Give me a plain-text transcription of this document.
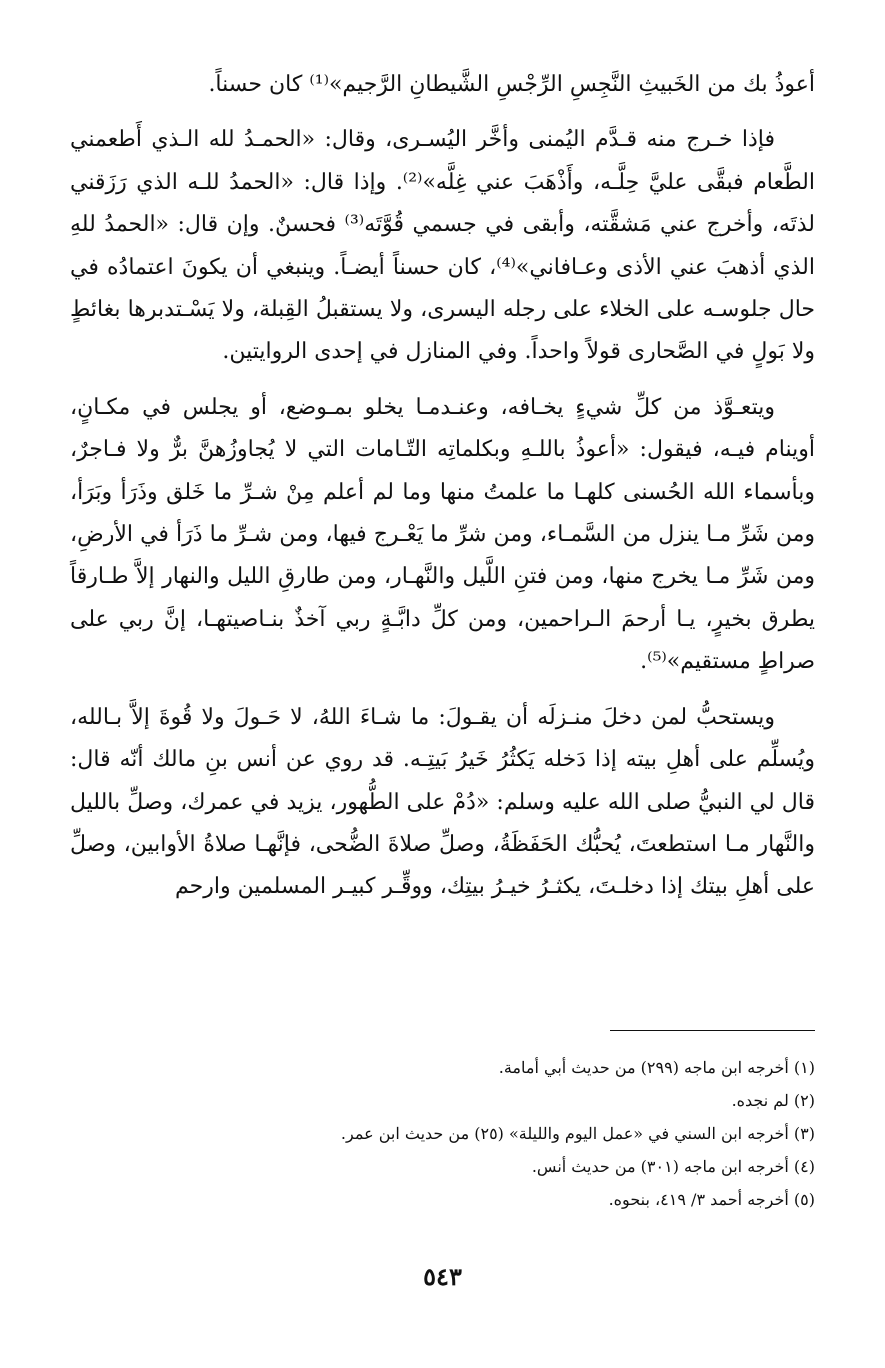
أعوذُ بك من الخَبيثِ النَّجِسِ الرِّجْسِ الشَّيطانِ الرَّجيم»⁽¹⁾ كان حسناً.

فإذا خـرج منه قـدَّم اليُمنى وأخَّر اليُسـرى، وقال: «الحمـدُ لله الـذي أَطعمني الطَّعام فبقَّى عليَّ حِلَّـه، وأَذْهَبَ عني غِلَّه»⁽²⁾. وإذا قال: «الحمدُ للـه الذي رَزَقني لذتَه، وأخرج عني مَشقَّته، وأبقى في جسمي قُوَّتَه⁽³⁾ فحسنٌ. وإن قال: «الحمدُ للهِ الذي أذهبَ عني الأذى وعـافاني»⁽⁴⁾، كان حسناً أيضـاً. وينبغي أن يكونَ اعتمادُه في حال جلوسـه على الخلاء على رجله اليسرى، ولا يستقبلُ القِبلة، ولا يَسْـتدبرها بغائطٍ ولا بَولٍ في الصَّحارى قولاً واحداً. وفي المنازل في إحدى الروايتين.

ويتعـوَّذ من كلِّ شيءٍ يخـافه، وعنـدمـا يخلو بمـوضع، أو يجلس في مكـانٍ، أوينام فيـه، فيقول: «أعوذُ باللـهِ وبكلماتِه التّـامات التي لا يُجاوزُهنَّ برٌّ ولا فـاجرٌ، وبأسماء الله الحُسنى كلهـا ما علمتُ منها وما لم أعلم مِنْ شـرِّ ما خَلق وذَرَأ وبَرَأ، ومن شَرِّ مـا ينزل من السَّمـاء، ومن شرِّ ما يَعْـرج فيها، ومن شـرِّ ما ذَرَأ في الأرضِ، ومن شَرِّ مـا يخرج منها، ومن فتنِ اللَّيل والنَّهـار، ومن طارقِ الليل والنهار إلاَّ طـارقاً يطرق بخيرٍ، يـا أرحمَ الـراحمين، ومن كلِّ دابَّـةٍ ربي آخذٌ بنـاصيتهـا، إنَّ ربي على صراطٍ مستقيم»⁽⁵⁾.

ويستحبُّ لمن دخلَ منـزلَه أن يقـولَ: ما شـاءَ اللهُ، لا حَـولَ ولا قُوةَ إلاَّ بـالله، ويُسلِّم على أهلِ بيته إذا دَخله يَكثُرُ خَيرُ بَيتِـه. قد روي عن أنس بنِ مالك أنّه قال: قال لي النبيُّ صلى الله عليه وسلم: «دُمْ على الطُّهور، يزيد في عمرك، وصلِّ بالليل والنَّهار مـا استطعتَ، يُحبُّك الحَفَظَةُ، وصلِّ صلاةَ الضُّحى، فإنَّهـا صلاةُ الأوابين، وصلِّ على أهلِ بيتك إذا دخلـتَ، يكثـرُ خيـرُ بيتِك، ووقِّـر كبيـر المسلمين وارحم

(١) أخرجه ابن ماجه (٢٩٩) من حديث أبي أمامة.

(٢) لم نجده.

(٣) أخرجه ابن السني في «عمل اليوم والليلة» (٢٥) من حديث ابن عمر.

(٤) أخرجه ابن ماجه (٣٠١) من حديث أنس.

(٥) أخرجه أحمد ٣/ ٤١٩، بنحوه.

٥٤٣
